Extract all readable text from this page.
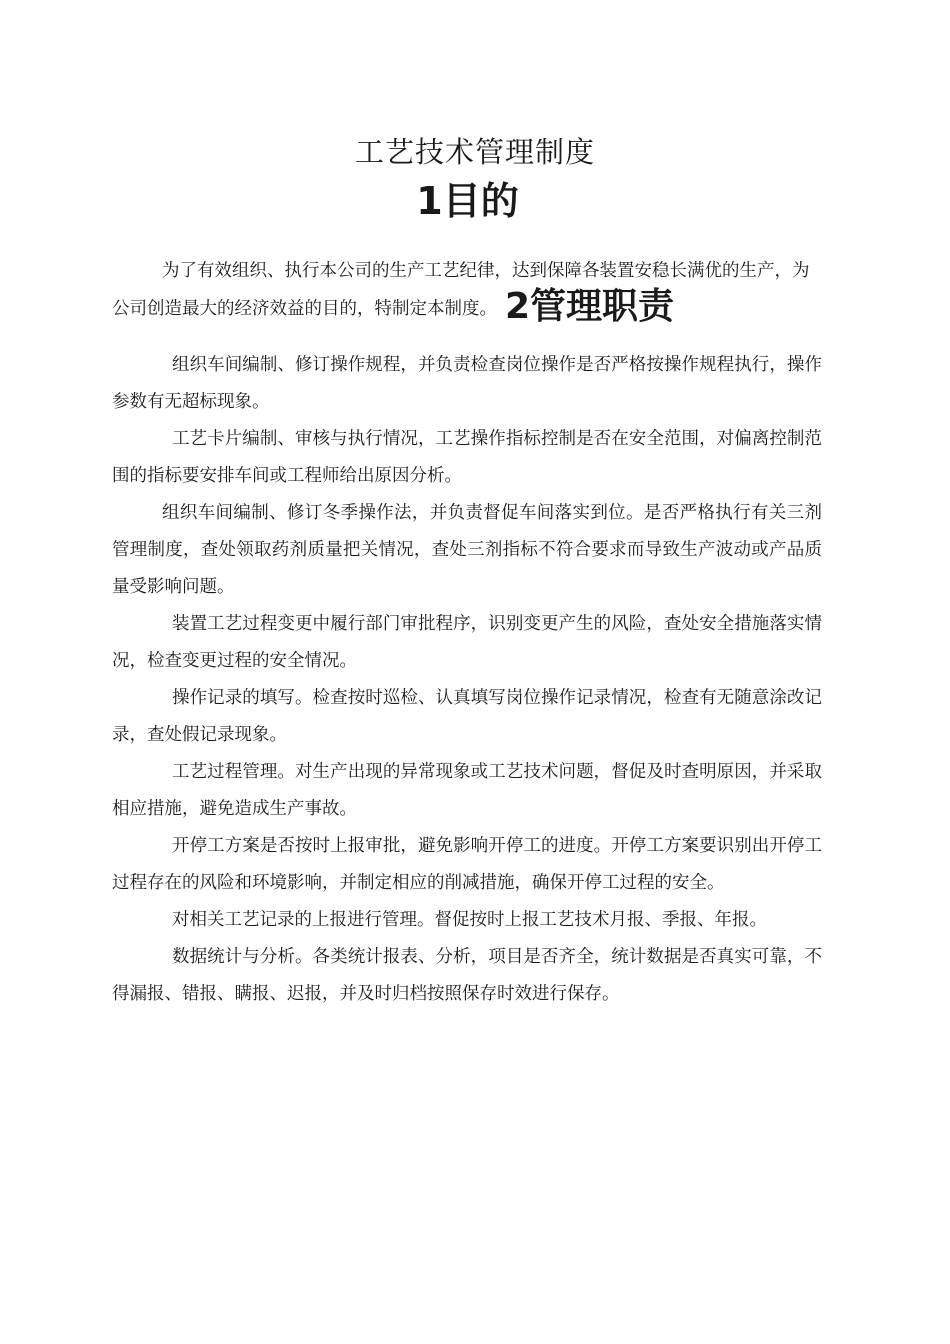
工艺技术管理制度
1目的

为了有效组织、执行本公司的生产工艺纪律，达到保障各装置安稳长满优的生产，为公司创造最大的经济效益的目的，特制定本制度。 2管理职责

组织车间编制、修订操作规程，并负责检查岗位操作是否严格按操作规程执行，操作参数有无超标现象。

工艺卡片编制、审核与执行情况，工艺操作指标控制是否在安全范围，对偏离控制范围的指标要安排车间或工程师给出原因分析。

组织车间编制、修订冬季操作法，并负责督促车间落实到位。是否严格执行有关三剂管理制度，查处领取药剂质量把关情况，查处三剂指标不符合要求而导致生产波动或产品质量受影响问题。

装置工艺过程变更中履行部门审批程序，识别变更产生的风险，查处安全措施落实情况，检查变更过程的安全情况。

操作记录的填写。检查按时巡检、认真填写岗位操作记录情况，检查有无随意涂改记录，查处假记录现象。

工艺过程管理。对生产出现的异常现象或工艺技术问题，督促及时查明原因，并采取相应措施，避免造成生产事故。

开停工方案是否按时上报审批，避免影响开停工的进度。开停工方案要识别出开停工过程存在的风险和环境影响，并制定相应的削减措施，确保开停工过程的安全。

对相关工艺记录的上报进行管理。督促按时上报工艺技术月报、季报、年报。

数据统计与分析。各类统计报表、分析，项目是否齐全，统计数据是否真实可靠，不得漏报、错报、瞒报、迟报，并及时归档按照保存时效进行保存。
